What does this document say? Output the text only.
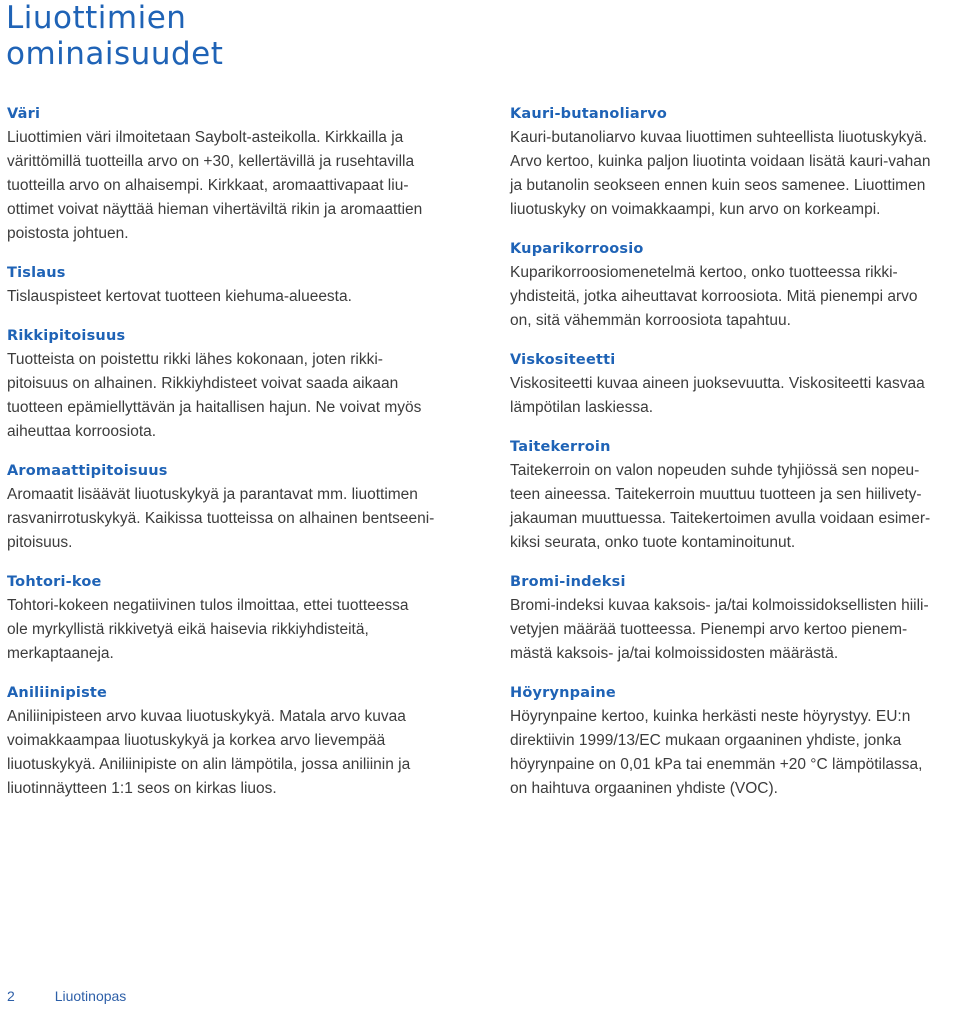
Liuottimien
ominaisuudet
Väri

Liuottimien väri ilmoitetaan Saybolt-asteikolla. Kirkkailla ja
värittömillä tuotteilla arvo on +30, kellertävillä ja rusehtavilla
tuotteilla arvo on alhaisempi. Kirkkaat, aromaattivapaat liu-
ottimet voivat näyttää hieman vihertäviltä rikin ja aromaattien
poistosta johtuen.

Tislaus

Tislauspisteet kertovat tuotteen kiehuma-alueesta.

Rikkipitoisuus

Tuotteista on poistettu rikki lähes kokonaan, joten rikki-
pitoisuus on alhainen. Rikkiyhdisteet voivat saada aikaan
tuotteen epämiellyttävän ja haitallisen hajun. Ne voivat myös
aiheuttaa korroosiota.

Aromaattipitoisuus

Aromaatit lisäävät liuotuskykyä ja parantavat mm. liuottimen
rasvanirrotuskykyä. Kaikissa tuotteissa on alhainen bentseeni-
pitoisuus.

Tohtori-koe

Tohtori-kokeen negatiivinen tulos ilmoittaa, ettei tuotteessa
ole myrkyllistä rikkivetyä eikä haisevia rikkiyhdisteitä,
merkaptaaneja.

Aniliinipiste

Aniliinipisteen arvo kuvaa liuotuskykyä. Matala arvo kuvaa
voimakkaampaa liuotuskykyä ja korkea arvo lievempää
liuotuskykyä. Aniliinipiste on alin lämpötila, jossa aniliinin ja
liuotinnäytteen 1:1 seos on kirkas liuos.

Kauri-butanoliarvo

Kauri-butanoliarvo kuvaa liuottimen suhteellista liuotuskykyä.
Arvo kertoo, kuinka paljon liuotinta voidaan lisätä kauri-vahan
ja butanolin seokseen ennen kuin seos samenee. Liuottimen
liuotuskyky on voimakkaampi, kun arvo on korkeampi.

Kuparikorroosio

Kuparikorroosiomenetelmä kertoo, onko tuotteessa rikki-
yhdisteitä, jotka aiheuttavat korroosiota. Mitä pienempi arvo
on, sitä vähemmän korroosiota tapahtuu.

Viskositeetti

Viskositeetti kuvaa aineen juoksevuutta. Viskositeetti kasvaa
lämpötilan laskiessa.

Taitekerroin

Taitekerroin on valon nopeuden suhde tyhjiössä sen nopeu-
teen aineessa. Taitekerroin muuttuu tuotteen ja sen hiilivety-
jakauman muuttuessa. Taitekertoimen avulla voidaan esimer-
kiksi seurata, onko tuote kontaminoitunut.

Bromi-indeksi

Bromi-indeksi kuvaa kaksois- ja/tai kolmoissidoksellisten hiili-
vetyjen määrää tuotteessa. Pienempi arvo kertoo pienem-
mästä kaksois- ja/tai kolmoissidosten määrästä.

Höyrynpaine

Höyrynpaine kertoo, kuinka herkästi neste höyrystyy. EU:n
direktiivin 1999/13/EC mukaan orgaaninen yhdiste, jonka
höyrynpaine on 0,01 kPa tai enemmän +20 °C lämpötilassa,
on haihtuva orgaaninen yhdiste (VOC).

2	Liuotinopas
